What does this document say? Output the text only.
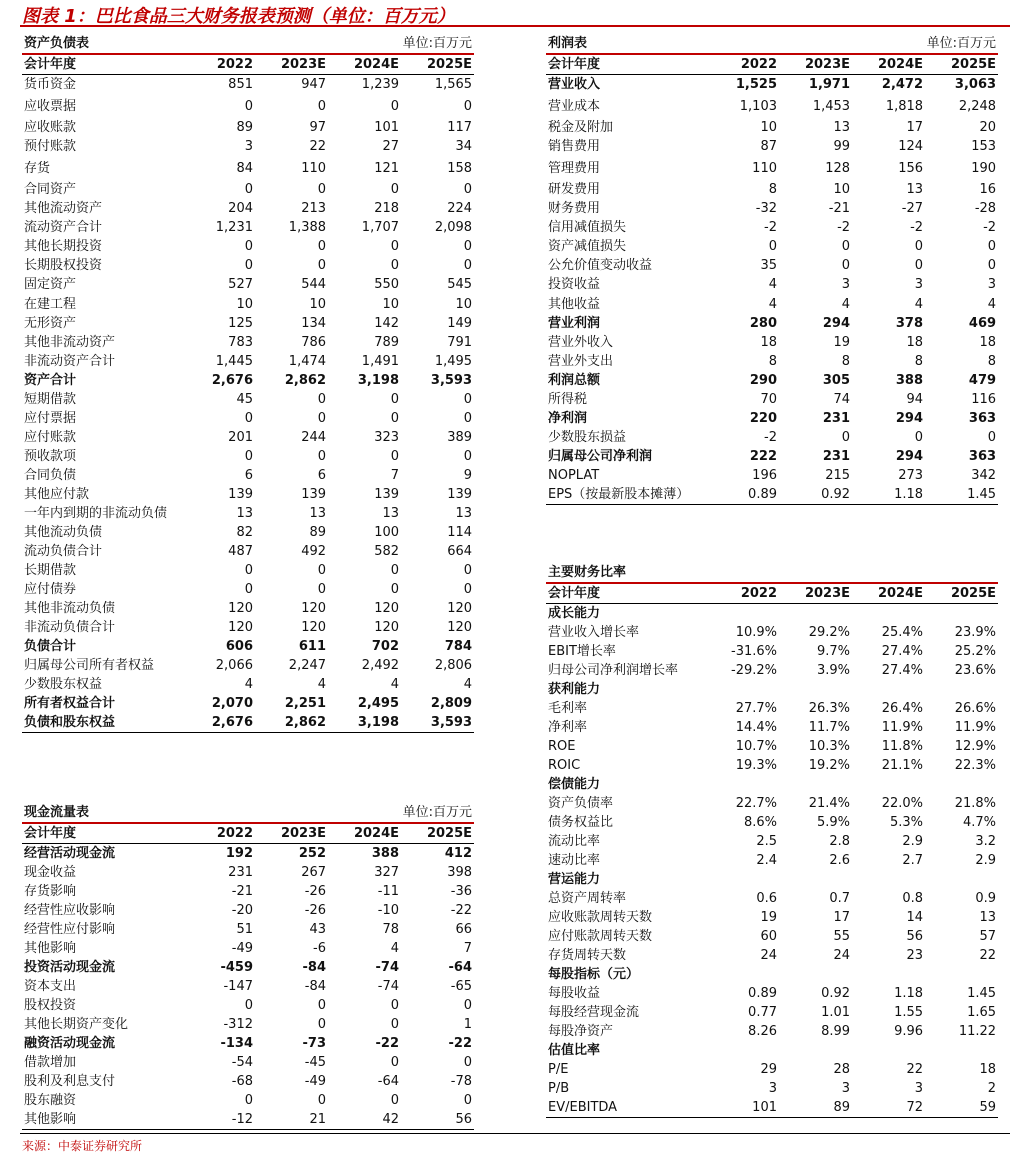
图表 1：巴比食品三大财务报表预测（单位：百万元）
资产负债表			单位:百万元	
会计年度	2022	2023E	2024E	2025E
货币资金	851	947	1,239	1,565
应收票据	0	0	0	0
应收账款	89	97	101	117
预付账款	3	22	27	34
存货	84	110	121	158
合同资产	0	0	0	0
其他流动资产	204	213	218	224
流动资产合计	1,231	1,388	1,707	2,098
其他长期投资	0	0	0	0
长期股权投资	0	0	0	0
固定资产	527	544	550	545
在建工程	10	10	10	10
无形资产	125	134	142	149
其他非流动资产	783	786	789	791
非流动资产合计	1,445	1,474	1,491	1,495
资产合计	2,676	2,862	3,198	3,593
短期借款	45	0	0	0
应付票据	0	0	0	0
应付账款	201	244	323	389
预收款项	0	0	0	0
合同负债	6	6	7	9
其他应付款	139	139	139	139
一年内到期的非流动负债	13	13	13	13
其他流动负债	82	89	100	114
流动负债合计	487	492	582	664
长期借款	0	0	0	0
应付债券	0	0	0	0
其他非流动负债	120	120	120	120
非流动负债合计	120	120	120	120
负债合计	606	611	702	784
归属母公司所有者权益	2,066	2,247	2,492	2,806
少数股东权益	4	4	4	4
所有者权益合计	2,070	2,251	2,495	2,809
负债和股东权益	2,676	2,862	3,198	3,593
利润表			单位:百万元	
会计年度	2022	2023E	2024E	2025E
营业收入	1,525	1,971	2,472	3,063
营业成本	1,103	1,453	1,818	2,248
税金及附加	10	13	17	20
销售费用	87	99	124	153
管理费用	110	128	156	190
研发费用	8	10	13	16
财务费用	-32	-21	-27	-28
信用减值损失	-2	-2	-2	-2
资产减值损失	0	0	0	0
公允价值变动收益	35	0	0	0
投资收益	4	3	3	3
其他收益	4	4	4	4
营业利润	280	294	378	469
营业外收入	18	19	18	18
营业外支出	8	8	8	8
利润总额	290	305	388	479
所得税	70	74	94	116
净利润	220	231	294	363
少数股东损益	-2	0	0	0
归属母公司净利润	222	231	294	363
NOPLAT	196	215	273	342
EPS（按最新股本摊薄）	0.89	0.92	1.18	1.45
主要财务比率				
会计年度	2022	2023E	2024E	2025E
成长能力				
营业收入增长率	10.9%	29.2%	25.4%	23.9%
EBIT增长率	-31.6%	9.7%	27.4%	25.2%
归母公司净利润增长率	-29.2%	3.9%	27.4%	23.6%
获利能力				
毛利率	27.7%	26.3%	26.4%	26.6%
净利率	14.4%	11.7%	11.9%	11.9%
ROE	10.7%	10.3%	11.8%	12.9%
ROIC	19.3%	19.2%	21.1%	22.3%
偿债能力				
资产负债率	22.7%	21.4%	22.0%	21.8%
债务权益比	8.6%	5.9%	5.3%	4.7%
流动比率	2.5	2.8	2.9	3.2
速动比率	2.4	2.6	2.7	2.9
营运能力				
总资产周转率	0.6	0.7	0.8	0.9
应收账款周转天数	19	17	14	13
应付账款周转天数	60	55	56	57
存货周转天数	24	24	23	22
每股指标（元）				
每股收益	0.89	0.92	1.18	1.45
每股经营现金流	0.77	1.01	1.55	1.65
每股净资产	8.26	8.99	9.96	11.22
估值比率				
P/E	29	28	22	18
P/B	3	3	3	2
EV/EBITDA	101	89	72	59
现金流量表			单位:百万元	
会计年度	2022	2023E	2024E	2025E
经营活动现金流	192	252	388	412
现金收益	231	267	327	398
存货影响	-21	-26	-11	-36
经营性应收影响	-20	-26	-10	-22
经营性应付影响	51	43	78	66
其他影响	-49	-6	4	7
投资活动现金流	-459	-84	-74	-64
资本支出	-147	-84	-74	-65
股权投资	0	0	0	0
其他长期资产变化	-312	0	0	1
融资活动现金流	-134	-73	-22	-22
借款增加	-54	-45	0	0
股利及利息支付	-68	-49	-64	-78
股东融资	0	0	0	0
其他影响	-12	21	42	56
来源：中泰证券研究所
